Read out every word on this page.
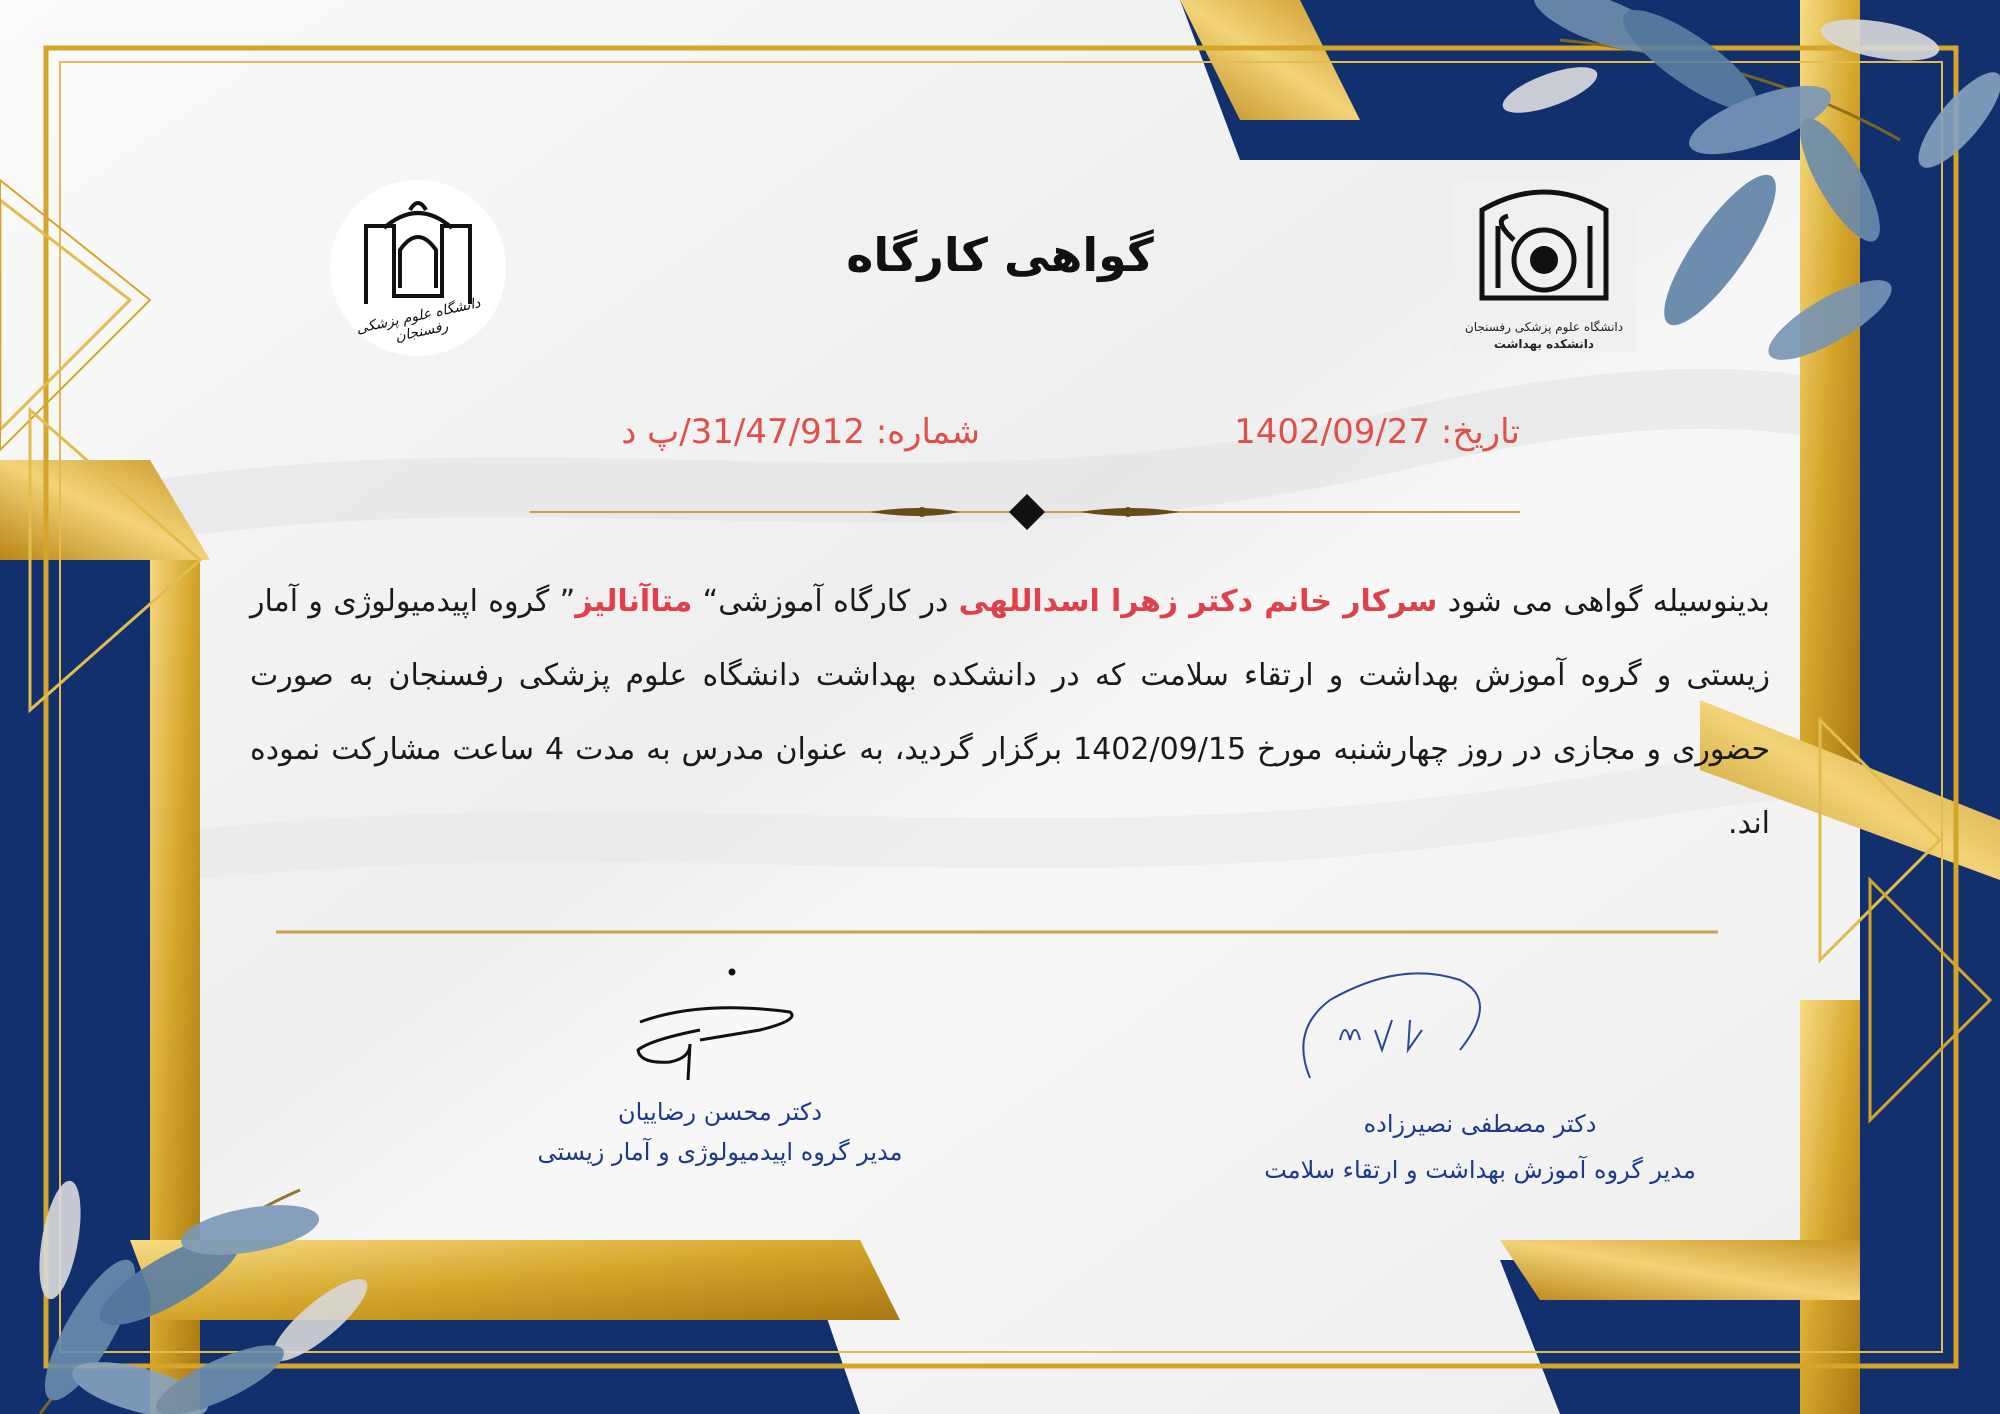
دانشگاه علوم پزشکی رفسنجان	دانشگاه علوم پزشکی رفسنجان
دانشکده بهداشت
گواهی کارگاه
تاریخ: 1402/09/27
شماره: 31/47/912/پ د
بدینوسیله گواهی می شود سرکار خانم دکتر زهرا اسداللهی در کارگاه آموزشی“ متاآنالیز” گروه اپیدمیولوژی و آمار زیستی و گروه آموزش بهداشت و ارتقاء سلامت که در دانشکده بهداشت دانشگاه علوم پزشکی رفسنجان به صورت حضوری و مجازی در روز چهارشنبه مورخ 1402/09/15 برگزار گردید، به عنوان مدرس به مدت 4 ساعت مشارکت نموده اند.
دکتر محسن رضاییان
مدیر گروه اپیدمیولوژی و آمار زیستی
دکتر مصطفی نصیرزاده
مدیر گروه آموزش بهداشت و ارتقاء سلامت
